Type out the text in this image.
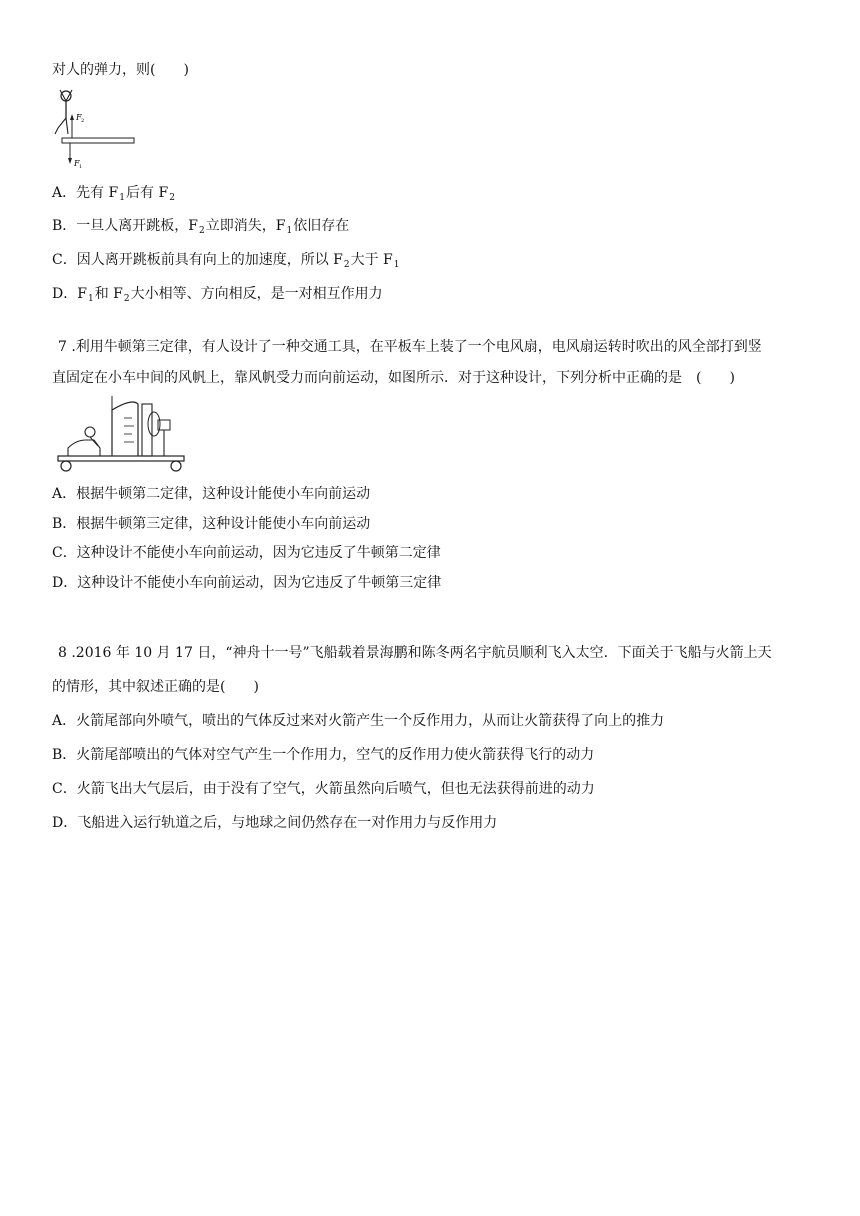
对人的弹力，则(　　)
F 2
F 1
A．先有 $F_1$后有 $F_2$
B．一旦人离开跳板，$F_2$立即消失，$F_1$依旧存在
C．因人离开跳板前具有向上的加速度，所以 $F_2$大于 $F_1$
D．$F_1$和 $F_2$大小相等、方向相反，是一对相互作用力
7 .利用牛顿第三定律，有人设计了一种交通工具，在平板车上装了一个电风扇，电风扇运转时吹出的风全部打到竖
直固定在小车中间的风帆上，靠风帆受力而向前运动，如图所示．对于这种设计，下列分析中正确的是　(　　)
A．根据牛顿第二定律，这种设计能使小车向前运动
B．根据牛顿第三定律，这种设计能使小车向前运动
C．这种设计不能使小车向前运动，因为它违反了牛顿第二定律
D．这种设计不能使小车向前运动，因为它违反了牛顿第三定律
8 .2016 年 10 月 17 日，“神舟十一号”飞船载着景海鹏和陈冬两名宇航员顺利飞入太空．下面关于飞船与火箭上天
的情形，其中叙述正确的是(　　)
A．火箭尾部向外喷气，喷出的气体反过来对火箭产生一个反作用力，从而让火箭获得了向上的推力
B．火箭尾部喷出的气体对空气产生一个作用力，空气的反作用力使火箭获得飞行的动力
C．火箭飞出大气层后，由于没有了空气，火箭虽然向后喷气，但也无法获得前进的动力
D．飞船进入运行轨道之后，与地球之间仍然存在一对作用力与反作用力
